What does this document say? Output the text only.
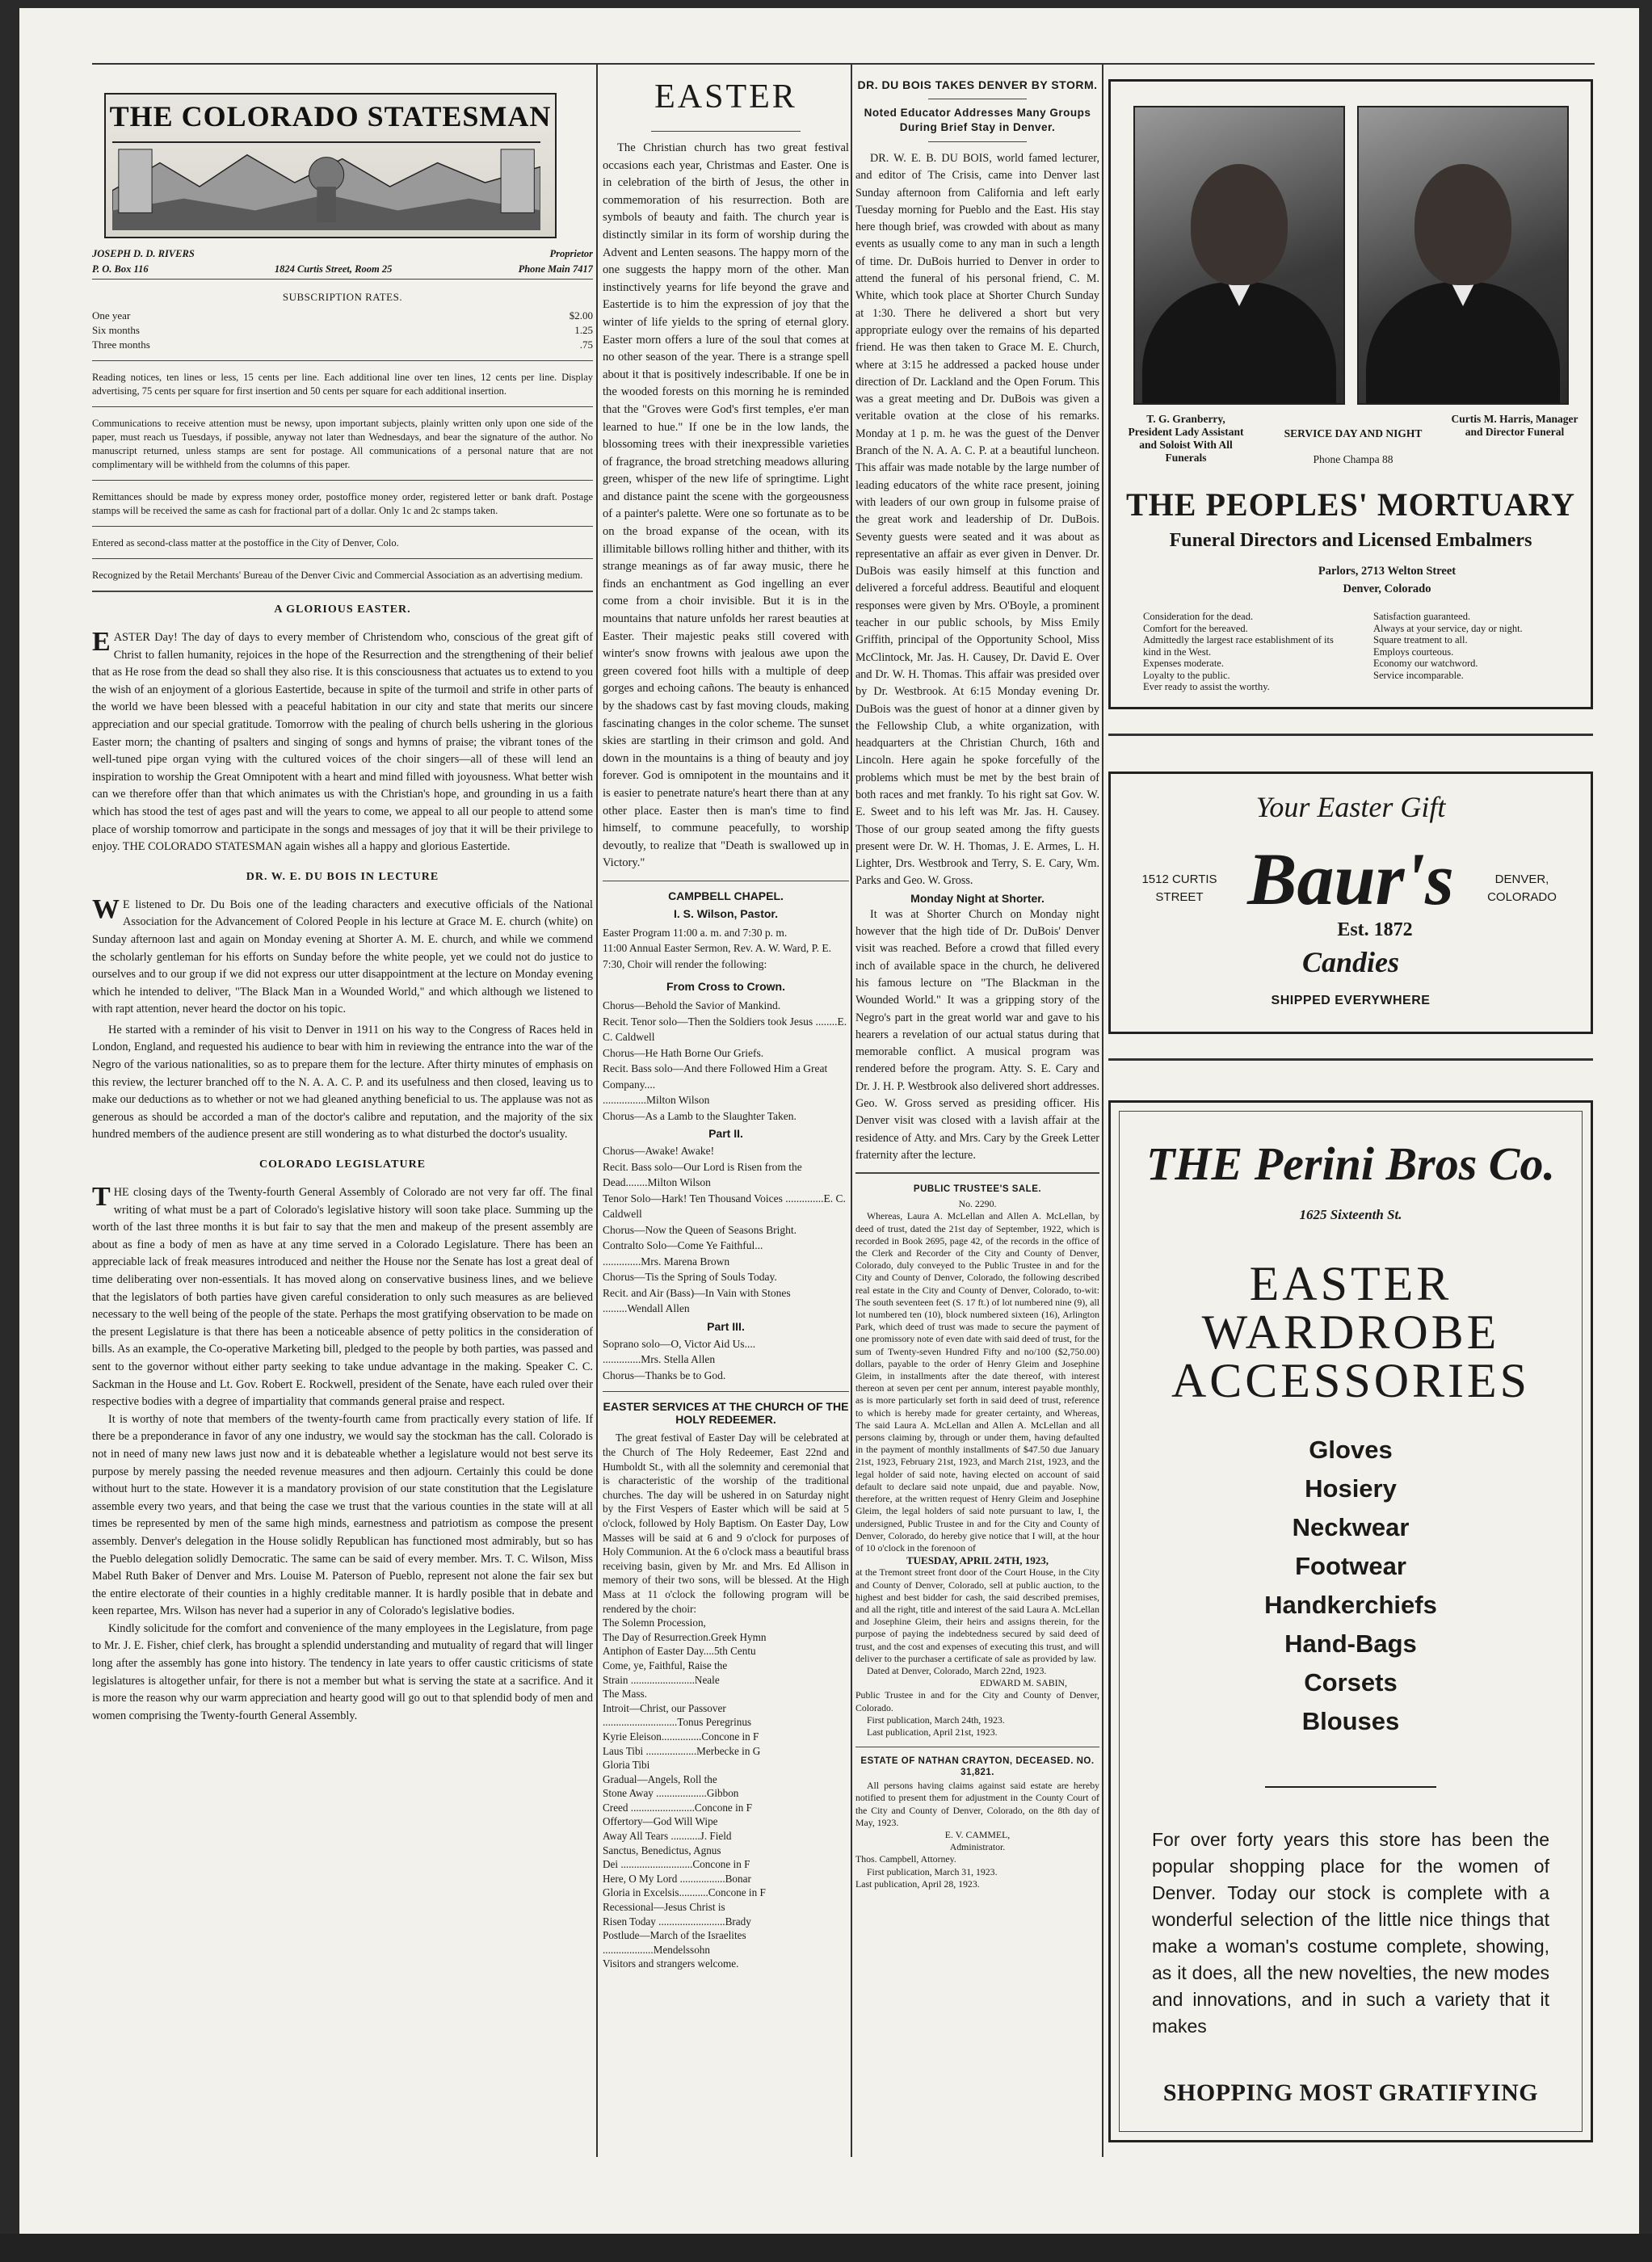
THE COLORADO STATESMAN
JOSEPH D. D. RIVERS	Proprietor
P. O. Box 116	1824 Curtis Street, Room 25	Phone Main 7417
SUBSCRIPTION RATES.
One year	$2.00
Six months	1.25
Three months	.75
Reading notices, ten lines or less, 15 cents per line. Each additional line over ten lines, 12 cents per line. Display advertising, 75 cents per square for first insertion and 50 cents per square for each additional insertion.
Communications to receive attention must be newsy, upon important subjects, plainly written only upon one side of the paper, must reach us Tuesdays, if possible, anyway not later than Wednesdays, and bear the signature of the author. No manuscript returned, unless stamps are sent for postage. All communications of a personal nature that are not complimentary will be withheld from the columns of this paper.
Remittances should be made by express money order, postoffice money order, registered letter or bank draft. Postage stamps will be received the same as cash for fractional part of a dollar. Only 1c and 2c stamps taken.
Entered as second-class matter at the postoffice in the City of Denver, Colo.
Recognized by the Retail Merchants' Bureau of the Denver Civic and Commercial Association as an advertising medium.
A GLORIOUS EASTER.
EASTER Day! The day of days to every member of Christendom who, conscious of the great gift of Christ to fallen humanity, rejoices in the hope of the Resurrection and the strengthening of their belief that as He rose from the dead so shall they also rise. It is this consciousness that actuates us to extend to you the wish of an enjoyment of a glorious Eastertide, because in spite of the turmoil and strife in other parts of the world we have been blessed with a peaceful habitation in our city and state that merits our sincere appreciation and our special gratitude. Tomorrow with the pealing of church bells ushering in the glorious Easter morn; the chanting of psalters and singing of songs and hymns of praise; the vibrant tones of the well-tuned pipe organ vying with the cultured voices of the choir singers—all of these will lend an inspiration to worship the Great Omnipotent with a heart and mind filled with joyousness. What better wish can we therefore offer than that which animates us with the Christian's hope, and grounding in us a faith which has stood the test of ages past and will the years to come, we appeal to all our people to attend some place of worship tomorrow and participate in the songs and messages of joy that it will be their privilege to enjoy. THE COLORADO STATESMAN again wishes all a happy and glorious Eastertide.
DR. W. E. DU BOIS IN LECTURE
W E listened to Dr. Du Bois one of the leading characters and executive officials of the National Association for the Advancement of Colored People in his lecture at Grace M. E. church (white) on Sunday afternoon last and again on Monday evening at Shorter A. M. E. church, and while we commend the scholarly gentleman for his efforts on Sunday before the white people, yet we could not do justice to ourselves and to our group if we did not express our utter disappointment at the lecture on Monday evening which he intended to deliver, "The Black Man in a Wounded World," and which although we listened to with rapt attention, never heard the doctor on his topic.

He started with a reminder of his visit to Denver in 1911 on his way to the Congress of Races held in London, England, and requested his audience to bear with him in reviewing the entrance into the war of the Negro of the various nationalities, so as to prepare them for the lecture. After thirty minutes of emphasis on this review, the lecturer branched off to the N. A. A. C. P. and its usefulness and then closed, leaving us to make our deductions as to whether or not we had gleaned anything beneficial to us. The applause was not as generous as should be accorded a man of the doctor's calibre and reputation, and the majority of the six hundred members of the audience present are still wondering as to what disturbed the doctor's usuality.

COLORADO LEGISLATURE
THE closing days of the Twenty-fourth General Assembly of Colorado are not very far off. The final writing of what must be a part of Colorado's legislative history will soon take place. Summing up the worth of the last three months it is but fair to say that the men and makeup of the present assembly are about as fine a body of men as have at any time served in a Colorado Legislature. There has been an appreciable lack of freak measures introduced and neither the House nor the Senate has lost a great deal of time deliberating over non-essentials. It has moved along on conservative business lines, and we believe that the legislators of both parties have given careful consideration to only such measures as are believed necessary to the well being of the people of the state. Perhaps the most gratifying observation to be made on the present Legislature is that there has been a noticeable absence of petty politics in the consideration of bills. As an example, the Co-operative Marketing bill, pledged to the people by both parties, was passed and sent to the governor without either party seeking to take undue advantage in the making. Speaker C. C. Sackman in the House and Lt. Gov. Robert E. Rockwell, president of the Senate, have each ruled over their respective bodies with a degree of impartiality that commands general praise and respect.

It is worthy of note that members of the twenty-fourth came from practically every station of life. If there be a preponderance in favor of any one industry, we would say the stockman has the call. Colorado is not in need of many new laws just now and it is debateable whether a legislature would not best serve its purpose by merely passing the needed revenue measures and then adjourn. Certainly this could be done without hurt to the state. However it is a mandatory provision of our state constitution that the Legislature assemble every two years, and that being the case we trust that the various counties in the state will at all times be represented by men of the same high minds, earnestness and patriotism as compose the present assembly. Denver's delegation in the House solidly Republican has functioned most admirably, but so has the Pueblo delegation solidly Democratic. The same can be said of every member. Mrs. T. C. Wilson, Miss Mabel Ruth Baker of Denver and Mrs. Louise M. Paterson of Pueblo, represent not alone the fair sex but the entire electorate of their counties in a highly creditable manner. It is hardly posible that in debate and keen repartee, Mrs. Wilson has never had a superior in any of Colorado's legislative bodies.

Kindly solicitude for the comfort and convenience of the many employees in the Legislature, from page to Mr. J. E. Fisher, chief clerk, has brought a splendid understanding and mutuality of regard that will linger long after the assembly has gone into history. The tendency in late years to offer caustic criticisms of state legislatures is altogether unfair, for there is not a member but what is serving the state at a sacrifice. And it is more the reason why our warm appreciation and hearty good will go out to that splendid body of men and women comprising the Twenty-fourth General Assembly.

EASTER
The Christian church has two great festival occasions each year, Christmas and Easter. One is in celebration of the birth of Jesus, the other in commemoration of his resurrection. Both are symbols of beauty and faith. The church year is distinctly similar in its form of worship during the Advent and Lenten seasons. The happy morn of the one suggests the happy morn of the other. Man instinctively yearns for life beyond the grave and Eastertide is to him the expression of joy that the winter of life yields to the spring of eternal glory. Easter morn offers a lure of the soul that comes at no other season of the year. There is a strange spell about it that is positively indescribable. If one be in the wooded forests on this morning he is reminded that the "Groves were God's first temples, e'er man learned to hue." If one be in the low lands, the blossoming trees with their inexpressible varieties of fragrance, the broad stretching meadows alluring green, whisper of the new life of springtime. Light and distance paint the scene with the gorgeousness of a painter's palette. Were one so fortunate as to be on the broad expanse of the ocean, with its illimitable billows rolling hither and thither, with its strange meanings as of far away music, there he finds an enchantment as God ingelling an ever come from a choir invisible. But it is in the mountains that nature unfolds her rarest beauties at Easter. Their majestic peaks still covered with winter's snow frowns with jealous awe upon the green covered foot hills with a multiple of deep gorges and echoing cañons. The beauty is enhanced by the shadows cast by fast moving clouds, making fascinating changes in the color scheme. The sunset skies are startling in their crimson and gold. And down in the mountains is a thing of beauty and joy forever. God is omnipotent in the mountains and it is easier to penetrate nature's heart there than at any other place. Easter then is man's time to find himself, to commune peacefully, to worship devoutly, to realize that "Death is swallowed up in Victory."
CAMPBELL CHAPEL.
I. S. Wilson, Pastor.
Easter Program 11:00 a. m. and 7:30 p. m.
11:00 Annual Easter Sermon, Rev. A. W. Ward, P. E.
7:30, Choir will render the following:
From Cross to Crown.
Chorus—Behold the Savior of Mankind.
Recit. Tenor solo—Then the Soldiers took Jesus ........E. C. Caldwell
Chorus—He Hath Borne Our Griefs.
Recit. Bass solo—And there Followed Him a Great Company....
................Milton Wilson
Chorus—As a Lamb to the Slaughter Taken.
Part II.
Chorus—Awake! Awake!
Recit. Bass solo—Our Lord is Risen from the Dead........Milton Wilson
Tenor Solo—Hark! Ten Thousand Voices ..............E. C. Caldwell
Chorus—Now the Queen of Seasons Bright.
Contralto Solo—Come Ye Faithful...
..............Mrs. Marena Brown
Chorus—Tis the Spring of Souls Today.
Recit. and Air (Bass)—In Vain with Stones .........Wendall Allen
Part III.
Soprano solo—O, Victor Aid Us....
..............Mrs. Stella Allen
Chorus—Thanks be to God.
EASTER SERVICES AT THE CHURCH OF THE HOLY REDEEMER.
The great festival of Easter Day will be celebrated at the Church of The Holy Redeemer, East 22nd and Humboldt St., with all the solemnity and ceremonial that is characteristic of the worship of the traditional churches. The day will be ushered in on Saturday night by the First Vespers of Easter which will be said at 5 o'clock, followed by Holy Baptism. On Easter Day, Low Masses will be said at 6 and 9 o'clock for purposes of Holy Communion. At the 6 o'clock mass a beautiful brass receiving basin, given by Mr. and Mrs. Ed Allison in memory of their two sons, will be blessed. At the High Mass at 11 o'clock the following program will be rendered by the choir:
The Solemn Procession,
The Day of Resurrection.Greek Hymn
Antiphon of Easter Day....5th Centu
Come, ye, Faithful, Raise the
Strain ........................Neale
The Mass.
Introit—Christ, our Passover
............................Tonus Peregrinus
Kyrie Eleison...............Concone in F
Laus Tibi ...................Merbecke in G
Gloria Tibi
Gradual—Angels, Roll the
Stone Away ...................Gibbon
Creed ........................Concone in F
Offertory—God Will Wipe
Away All Tears ...........J. Field
Sanctus, Benedictus, Agnus
Dei ...........................Concone in F
Here, O My Lord .................Bonar
Gloria in Excelsis...........Concone in F
Recessional—Jesus Christ is
Risen Today .........................Brady
Postlude—March of the Israelites ...................Mendelssohn
Visitors and strangers welcome.
DR. DU BOIS TAKES DENVER BY STORM.
Noted Educator Addresses Many Groups During Brief Stay in Denver.
DR. W. E. B. DU BOIS, world famed lecturer, and editor of The Crisis, came into Denver last Sunday afternoon from California and left early Tuesday morning for Pueblo and the East. His stay here though brief, was crowded with about as many events as usually come to any man in such a length of time. Dr. DuBois hurried to Denver in order to attend the funeral of his personal friend, C. M. White, which took place at Shorter Church Sunday at 1:30. There he delivered a short but very appropriate eulogy over the remains of his departed friend. He was then taken to Grace M. E. Church, where at 3:15 he addressed a packed house under direction of Dr. Lackland and the Open Forum. This was a great meeting and Dr. DuBois was given a veritable ovation at the close of his remarks. Monday at 1 p. m. he was the guest of the Denver Branch of the N. A. A. C. P. at a beautiful luncheon. This affair was made notable by the large number of leading educators of the white race present, joining with leaders of our own group in fulsome praise of the great work and leadership of Dr. DuBois. Seventy guests were seated and it was about as representative an affair as ever given in Denver. Dr. DuBois was easily himself at this function and delivered a forceful address. Beautiful and eloquent responses were given by Mrs. O'Boyle, a prominent teacher in our public schools, by Miss Emily Griffith, principal of the Opportunity School, Miss McClintock, Mr. Jas. H. Causey, Dr. David E. Over and Dr. W. H. Thomas. This affair was presided over by Dr. Westbrook. At 6:15 Monday evening Dr. DuBois was the guest of honor at a dinner given by the Fellowship Club, a white organization, with headquarters at the Christian Church, 16th and Lincoln. Here again he spoke forcefully of the problems which must be met by the best brain of both races and met frankly. To his right sat Gov. W. E. Sweet and to his left was Mr. Jas. H. Causey. Those of our group seated among the fifty guests present were Dr. W. H. Thomas, J. E. Armes, L. H. Lighter, Drs. Westbrook and Terry, S. E. Cary, Wm. Parks and Geo. W. Gross.
Monday Night at Shorter.
It was at Shorter Church on Monday night however that the high tide of Dr. DuBois' Denver visit was reached. Before a crowd that filled every inch of available space in the church, he delivered his famous lecture on "The Blackman in the Wounded World." It was a gripping story of the Negro's part in the great world war and gave to his hearers a revelation of our actual status during that memorable conflict. A musical program was rendered before the program. Atty. S. E. Cary and Dr. J. H. P. Westbrook also delivered short addresses. Geo. W. Gross served as presiding officer. His Denver visit was closed with a lavish affair at the residence of Atty. and Mrs. Cary by the Greek Letter fraternity after the lecture.
PUBLIC TRUSTEE'S SALE.
No. 2290.
Whereas, Laura A. McLellan and Allen A. McLellan, by deed of trust, dated the 21st day of September, 1922, which is recorded in Book 2695, page 42, of the records in the office of the Clerk and Recorder of the City and County of Denver, Colorado, duly conveyed to the Public Trustee in and for the City and County of Denver, Colorado, the following described real estate in the City and County of Denver, Colorado, to-wit: The south seventeen feet (S. 17 ft.) of lot numbered nine (9), all lot numbered ten (10), block numbered sixteen (16), Arlington Park, which deed of trust was made to secure the payment of one promissory note of even date with said deed of trust, for the sum of Twenty-seven Hundred Fifty and no/100 ($2,750.00) dollars, payable to the order of Henry Gleim and Josephine Gleim, in installments after the date thereof, with interest thereon at seven per cent per annum, interest payable monthly, as is more particularly set forth in said deed of trust, reference to which is hereby made for greater certainty, and Whereas, The said Laura A. McLellan and Allen A. McLellan and all persons claiming by, through or under them, having defaulted in the payment of monthly installments of $47.50 due January 21st, 1923, February 21st, 1923, and March 21st, 1923, and the legal holder of said note, having elected on account of said default to declare said note unpaid, due and payable. Now, therefore, at the written request of Henry Gleim and Josephine Gleim, the legal holders of said note pursuant to law, I, the undersigned, Public Trustee in and for the City and County of Denver, Colorado, do hereby give notice that I will, at the hour of 10 o'clock in the forenoon of
TUESDAY, APRIL 24TH, 1923,
at the Tremont street front door of the Court House, in the City and County of Denver, Colorado, sell at public auction, to the highest and best bidder for cash, the said described premises, and all the right, title and interest of the said Laura A. McLellan and Josephine Gleim, their heirs and assigns therein, for the purpose of paying the indebtedness secured by said deed of trust, and the cost and expenses of executing this trust, and will deliver to the purchaser a certificate of sale as provided by law.
Dated at Denver, Colorado, March 22nd, 1923.
EDWARD M. SABIN,
Public Trustee in and for the City and County of Denver, Colorado.
First publication, March 24th, 1923.
Last publication, April 21st, 1923.
ESTATE OF NATHAN CRAYTON, DECEASED. NO. 31,821.
All persons having claims against said estate are hereby notified to present them for adjustment in the County Court of the City and County of Denver, Colorado, on the 8th day of May, 1923.
E. V. CAMMEL,
Administrator.
Thos. Campbell, Attorney.
First publication, March 31, 1923.
Last publication, April 28, 1923.
T. G. Granberry, President Lady Assistant and Soloist With All Funerals
SERVICE DAY AND NIGHT
Phone Champa 88
Curtis M. Harris, Manager and Director Funeral
THE PEOPLES' MORTUARY
Funeral Directors and Licensed Embalmers
Parlors, 2713 Welton Street
Denver, Colorado
Consideration for the dead.
Comfort for the bereaved.
Admittedly the largest race establishment of its kind in the West.
Expenses moderate.
Loyalty to the public.
Ever ready to assist the worthy.
Satisfaction guaranteed.
Always at your service, day or night.
Square treatment to all.
Employs courteous.
Economy our watchword.
Service incomparable.
Your Easter Gift
Baur's
1512 CURTIS STREET
DENVER, COLORADO
Est. 1872
Candies
SHIPPED EVERYWHERE
THE Perini Bros Co.
1625 Sixteenth St.
EASTER
WARDROBE
ACCESSORIES
Gloves
Hosiery
Neckwear
Footwear
Handkerchiefs
Hand-Bags
Corsets
Blouses
For over forty years this store has been the popular shopping place for the women of Denver. Today our stock is complete with a wonderful selection of the little nice things that make a woman's costume complete, showing, as it does, all the new novelties, the new modes and innovations, and in such a variety that it makes
SHOPPING MOST GRATIFYING
